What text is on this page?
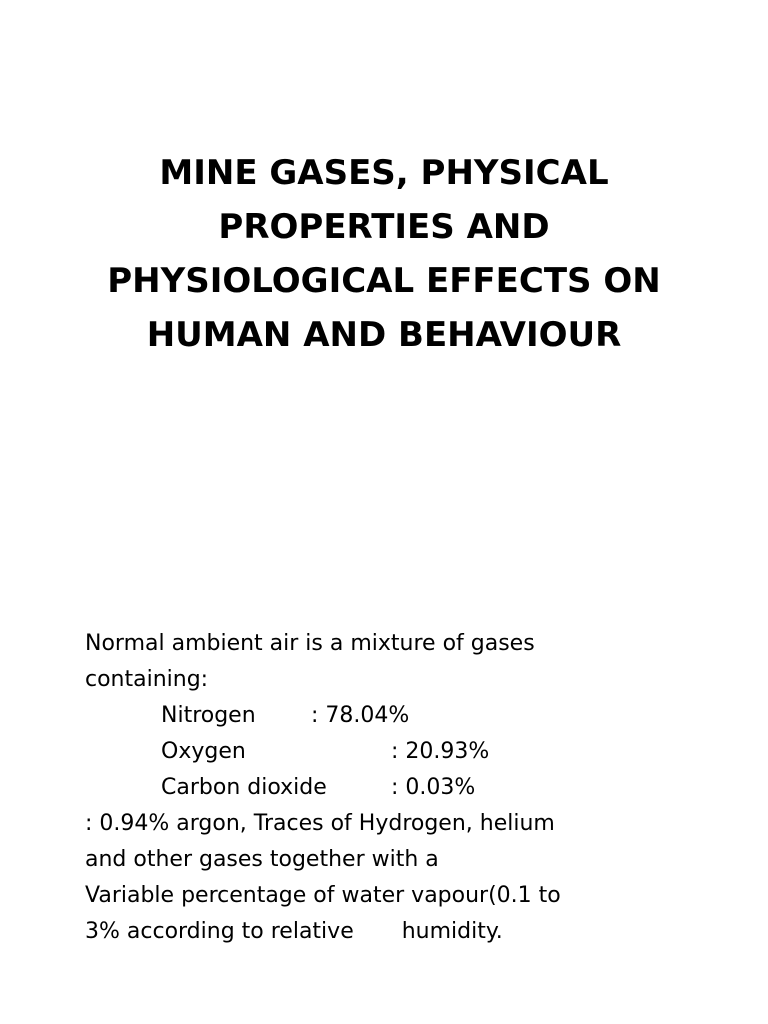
MINE GASES, PHYSICAL
PROPERTIES AND
PHYSIOLOGICAL EFFECTS ON
HUMAN AND BEHAVIOUR
Normal ambient air is a mixture of gases
containing:
Nitrogen	: 78.04%
Oxygen	: 20.93%
Carbon dioxide	: 0.03%
: 0.94% argon, Traces of Hydrogen, helium
and other gases together with a
Variable percentage of water vapour(0.1 to
3% according to relative humidity.
